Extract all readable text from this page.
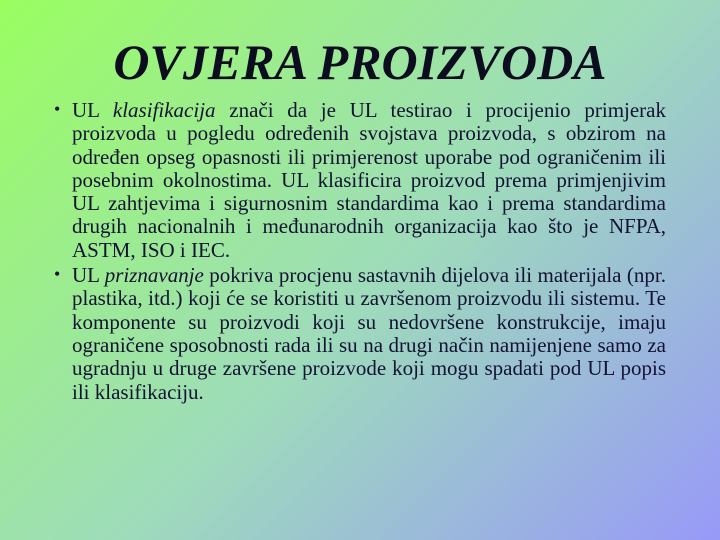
OVJERA PROIZVODA
• UL klasifikacija znači da je UL testirao i procijenio primjerak proizvoda u pogledu određenih svojstava proizvoda, s obzirom na određen opseg opasnosti ili primjerenost uporabe pod ograničenim ili posebnim okolnostima. UL klasificira proizvod prema primjenjivim UL zahtjevima i sigurnosnim standardima kao i prema standardima drugih nacionalnih i međunarodnih organizacija kao što je NFPA, ASTM, ISO i IEC.
• UL priznavanje pokriva procjenu sastavnih dijelova ili materijala (npr. plastika, itd.) koji će se koristiti u završenom proizvodu ili sistemu. Te komponente su proizvodi koji su nedovršene konstrukcije, imaju ograničene sposobnosti rada ili su na drugi način namijenjene samo za ugradnju u druge završene proizvode koji mogu spadati pod UL popis ili klasifikaciju.
